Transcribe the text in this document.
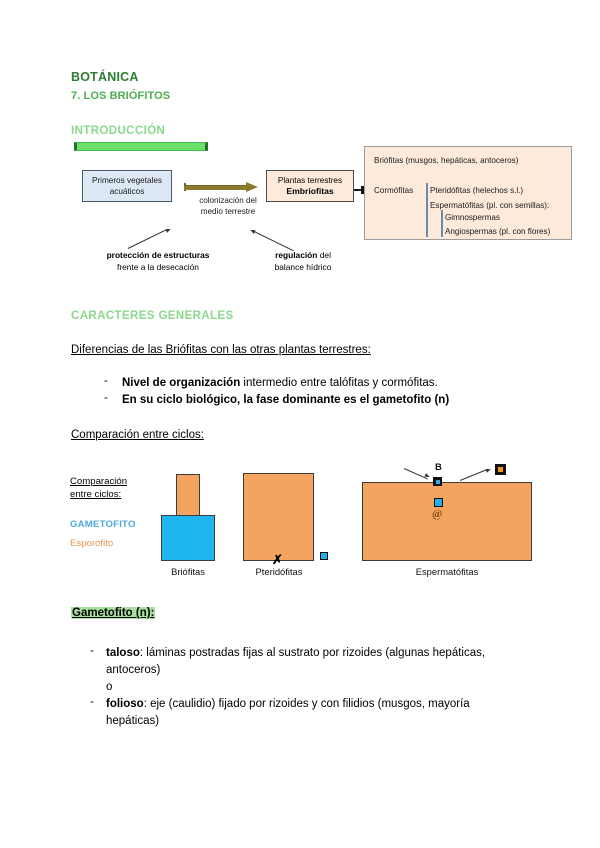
BOTÁNICA
7. LOS BRIÓFITOS
INTRODUCCIÓN
Primeros vegetales
acuáticos
colonización del
medio terrestre
Plantas terrestres
Embriofitas
Briófitas (musgos, hepáticas, antoceros)
Cormófitas Pteridófitas (helechos s.l.)
Espermatófitas (pl. con semillas):
Gimnospermas
Angiospermas (pl. con flores)
protección de estructuras
frente a la desecación
regulación del
balance hídrico
CARACTERES GENERALES
Diferencias de las Briófitas con las otras plantas terrestres:
- Nivel de organización intermedio entre talófitas y cormófitas.
- En su ciclo biológico, la fase dominante es el gametofito (n)
Comparación entre ciclos:
Comparación
entre ciclos:
GAMETOFITO
Esporofito
Briófitas
✗
Pteridófitas
B
@
Espermatófitas
Gametofito (n):
- taloso: láminas postradas fijas al sustrato por rizoides (algunas hepáticas,
antoceros)
o
- folioso: eje (caulidio) fijado por rizoides y con filidios (musgos, mayoría
hepáticas)
